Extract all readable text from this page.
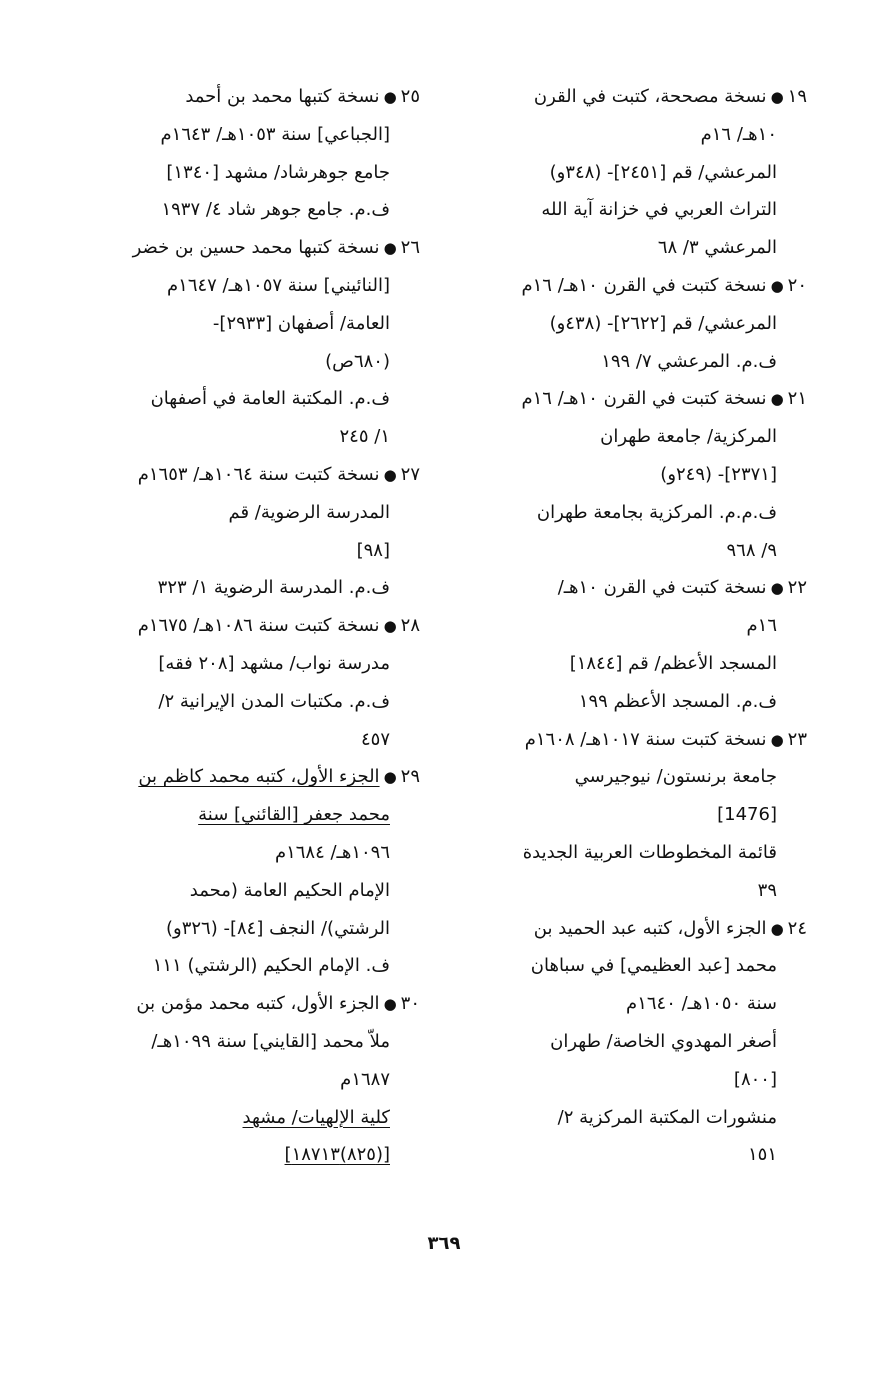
١٩●نسخة مصححة، كتبت في القرن
١٠هـ/ ١٦م
المرعشي/ قم [٢٤٥١]- (٣٤٨و)
التراث العربي في خزانة آية الله
المرعشي ٣/ ٦٨
٢٠●نسخة كتبت في القرن ١٠هـ/ ١٦م
المرعشي/ قم [٢٦٢٢]- (٤٣٨و)
ف.م. المرعشي ٧/ ١٩٩
٢١●نسخة كتبت في القرن ١٠هـ/ ١٦م
المركزية/ جامعة طهران
[٢٣٧١]- (٢٤٩و)
ف.م.م. المركزية بجامعة طهران
٩/ ٩٦٨
٢٢●نسخة كتبت في القرن ١٠هـ/
١٦م
المسجد الأعظم/ قم [١٨٤٤]
ف.م. المسجد الأعظم ١٩٩
٢٣●نسخة كتبت سنة ١٠١٧هـ/ ١٦٠٨م
جامعة برنستون/ نيوجيرسي
[1476]
قائمة المخطوطات العربية الجديدة
٣٩
٢٤●الجزء الأول، كتبه عبد الحميد بن
محمد [عبد العظيمي] في سباهان
سنة ١٠٥٠هـ/ ١٦٤٠م
أصغر المهدوي الخاصة/ طهران
[٨٠٠]
منشورات المكتبة المركزية ٢/
١٥١
٢٥●نسخة كتبها محمد بن أحمد
[الجباعي] سنة ١٠٥٣هـ/ ١٦٤٣م
جامع جوهرشاد/ مشهد [١٣٤٠]
ف.م. جامع جوهر شاد ٤/ ١٩٣٧
٢٦●نسخة كتبها محمد حسين بن خضر
[النائيني] سنة ١٠٥٧هـ/ ١٦٤٧م
العامة/ أصفهان [٢٩٣٣]-
(٦٨٠ص)
ف.م. المكتبة العامة في أصفهان
١/ ٢٤٥
٢٧●نسخة كتبت سنة ١٠٦٤هـ/ ١٦٥٣م
المدرسة الرضوية/ قم
[٩٨]
ف.م. المدرسة الرضوية ١/ ٣٢٣
٢٨●نسخة كتبت سنة ١٠٨٦هـ/ ١٦٧٥م
مدرسة نواب/ مشهد [٢٠٨ فقه]
ف.م. مكتبات المدن الإيرانية ٢/
٤٥٧
٢٩●الجزء الأول، كتبه محمد كاظم بن
محمد جعفر [القائني] سنة
١٠٩٦هـ/ ١٦٨٤م
الإمام الحكيم العامة (محمد
الرشتي)/ النجف [٨٤]- (٣٢٦و)
ف. الإمام الحكيم (الرشتي) ١١١
٣٠●الجزء الأول، كتبه محمد مؤمن بن
ملاّ محمد [القايني] سنة ١٠٩٩هـ/
١٦٨٧م
كلية الإلهيات/ مشهد
[(٨٢٥)١٨٧١٣]
٣٦٩
